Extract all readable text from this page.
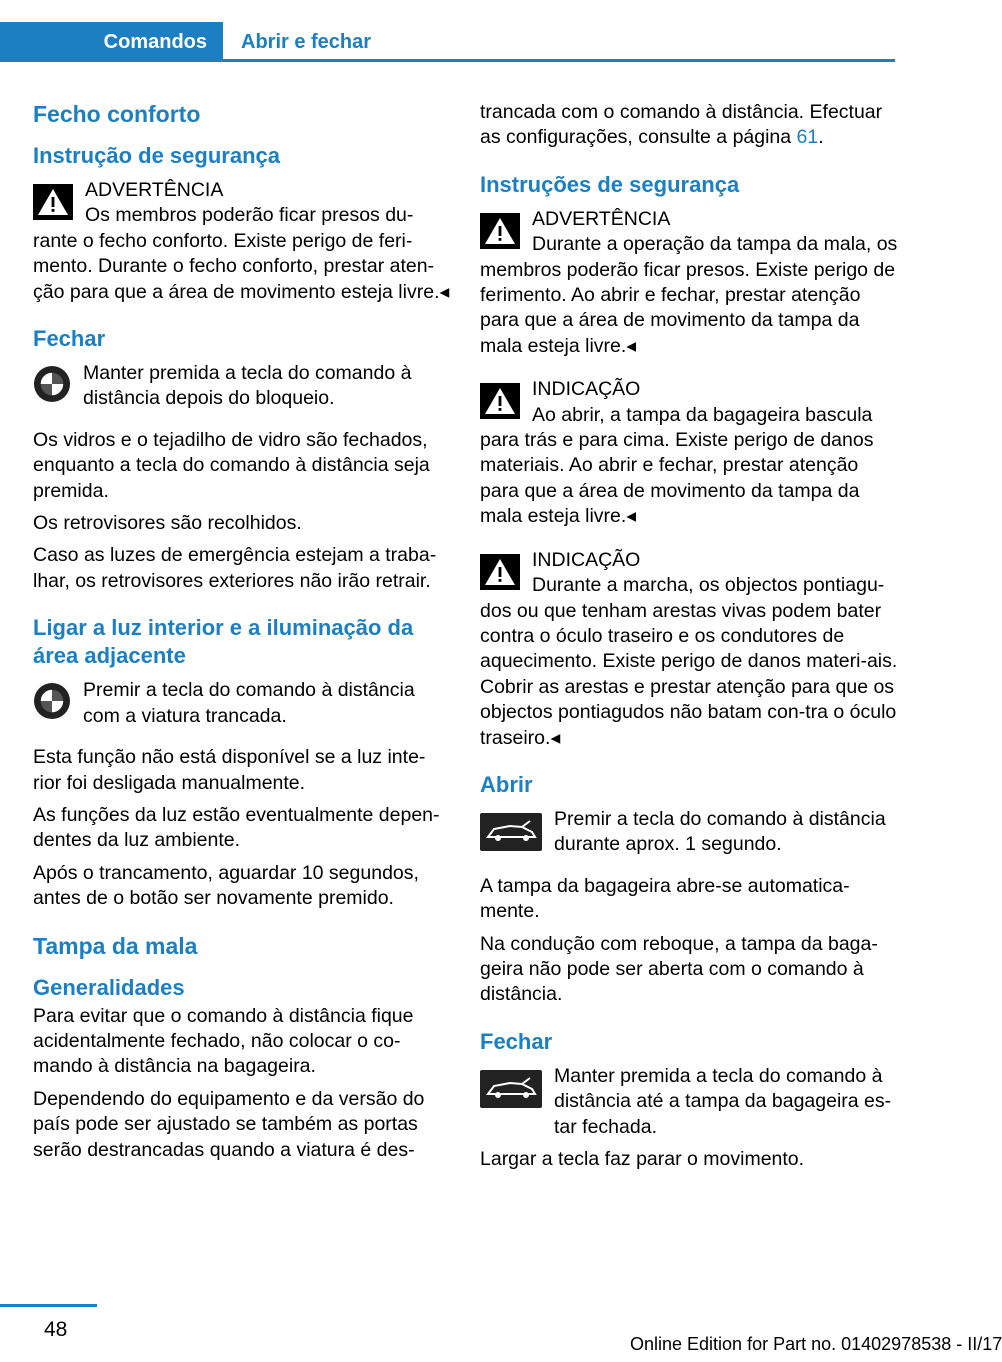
Comandos	Abrir e fechar
Fecho conforto
Instrução de segurança
ADVERTÊNCIA
Os membros poderão ficar presos du-rante o fecho conforto. Existe perigo de feri-mento. Durante o fecho conforto, prestar aten-ção para que a área de movimento esteja livre.◂
Fechar
Manter premida a tecla do comando à distância depois do bloqueio.

Os vidros e o tejadilho de vidro são fechados, enquanto a tecla do comando à distância seja premida.

Os retrovisores são recolhidos.

Caso as luzes de emergência estejam a traba-lhar, os retrovisores exteriores não irão retrair.

Ligar a luz interior e a iluminação da área adjacente
Premir a tecla do comando à distância com a viatura trancada.

Esta função não está disponível se a luz inte-rior foi desligada manualmente.

As funções da luz estão eventualmente depen-dentes da luz ambiente.

Após o trancamento, aguardar 10 segundos, antes de o botão ser novamente premido.

Tampa da mala
Generalidades

Para evitar que o comando à distância fique acidentalmente fechado, não colocar o co-mando à distância na bagageira.

Dependendo do equipamento e da versão do país pode ser ajustado se também as portas serão destrancadas quando a viatura é des-

trancada com o comando à distância. Efectuar as configurações, consulte a página 61.

Instruções de segurança
ADVERTÊNCIA
Durante a operação da tampa da mala, os membros poderão ficar presos. Existe perigo de ferimento. Ao abrir e fechar, prestar atenção para que a área de movimento da tampa da mala esteja livre.◂
INDICAÇÃO
Ao abrir, a tampa da bagageira bascula para trás e para cima. Existe perigo de danos materiais. Ao abrir e fechar, prestar atenção para que a área de movimento da tampa da mala esteja livre.◂
INDICAÇÃO
Durante a marcha, os objectos pontiagu-dos ou que tenham arestas vivas podem bater contra o óculo traseiro e os condutores de aquecimento. Existe perigo de danos materi-ais. Cobrir as arestas e prestar atenção para que os objectos pontiagudos não batam con-tra o óculo traseiro.◂
Abrir
Premir a tecla do comando à distância durante aprox. 1 segundo.

A tampa da bagageira abre-se automatica-mente.

Na condução com reboque, a tampa da baga-geira não pode ser aberta com o comando à distância.

Fechar
Manter premida a tecla do comando à distância até a tampa da bagageira es-tar fechada.

Largar a tecla faz parar o movimento.

48
Online Edition for Part no. 01402978538 - II/17
